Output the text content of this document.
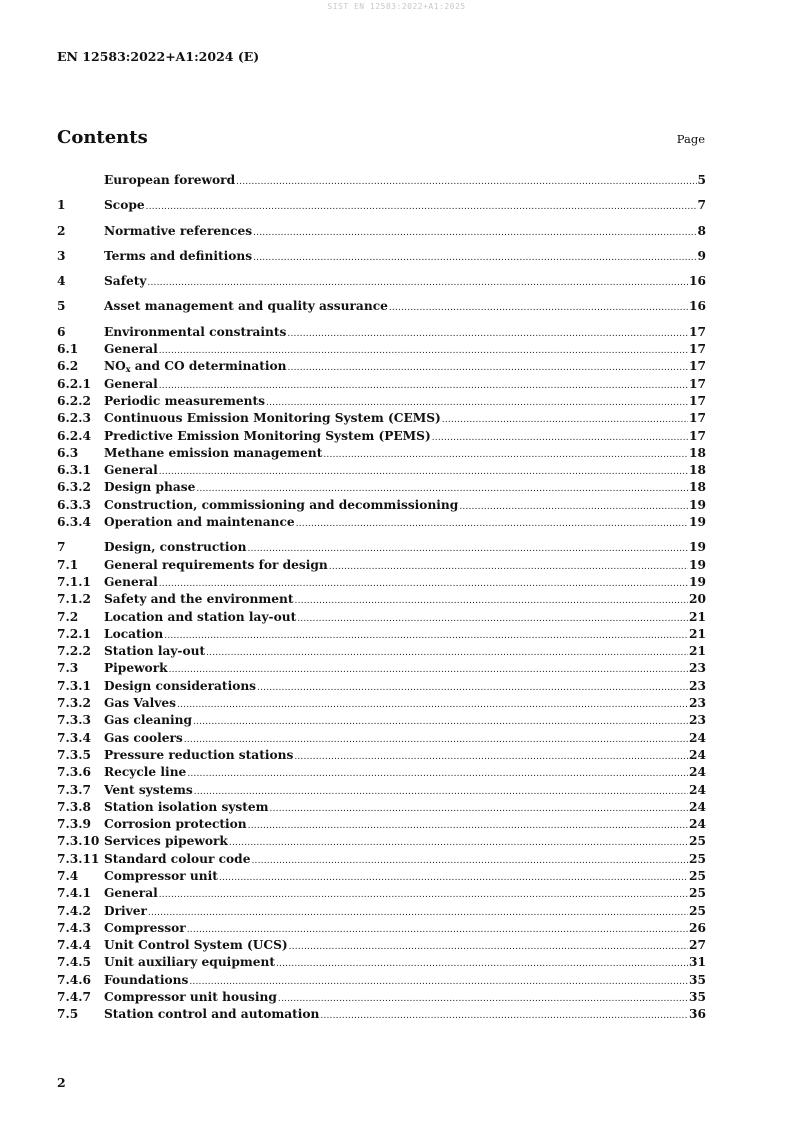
SIST EN 12583:2022+A1:2025
EN 12583:2022+A1:2024 (E)
Contents	Page
European foreword .....	5
1	Scope .....	7
2	Normative references .....	8
3	Terms and definitions .....	9
4	Safety .....	16
5	Asset management and quality assurance .....	16
6	Environmental constraints .....	17
6.1	General .....	17
6.2	$NO_x$ and CO determination .....	17
6.2.1	General .....	17
6.2.2	Periodic measurements .....	17
6.2.3	Continuous Emission Monitoring System (CEMS) .....	17
6.2.4	Predictive Emission Monitoring System (PEMS) .....	17
6.3	Methane emission management .....	18
6.3.1	General .....	18
6.3.2	Design phase .....	18
6.3.3	Construction, commissioning and decommissioning .....	19
6.3.4	Operation and maintenance .....	19
7	Design, construction .....	19
7.1	General requirements for design .....	19
7.1.1	General .....	19
7.1.2	Safety and the environment .....	20
7.2	Location and station lay-out .....	21
7.2.1	Location .....	21
7.2.2	Station lay-out .....	21
7.3	Pipework .....	23
7.3.1	Design considerations .....	23
7.3.2	Gas Valves .....	23
7.3.3	Gas cleaning .....	23
7.3.4	Gas coolers .....	24
7.3.5	Pressure reduction stations .....	24
7.3.6	Recycle line .....	24
7.3.7	Vent systems .....	24
7.3.8	Station isolation system .....	24
7.3.9	Corrosion protection .....	24
7.3.10 Services pipework .....	25
7.3.11 Standard colour code .....	25
7.4	Compressor unit .....	25
7.4.1	General .....	25
7.4.2	Driver .....	25
7.4.3	Compressor .....	26
7.4.4	Unit Control System (UCS) .....	27
7.4.5	Unit auxiliary equipment .....	31
7.4.6	Foundations .....	35
7.4.7	Compressor unit housing .....	35
7.5	Station control and automation .....	36
2
